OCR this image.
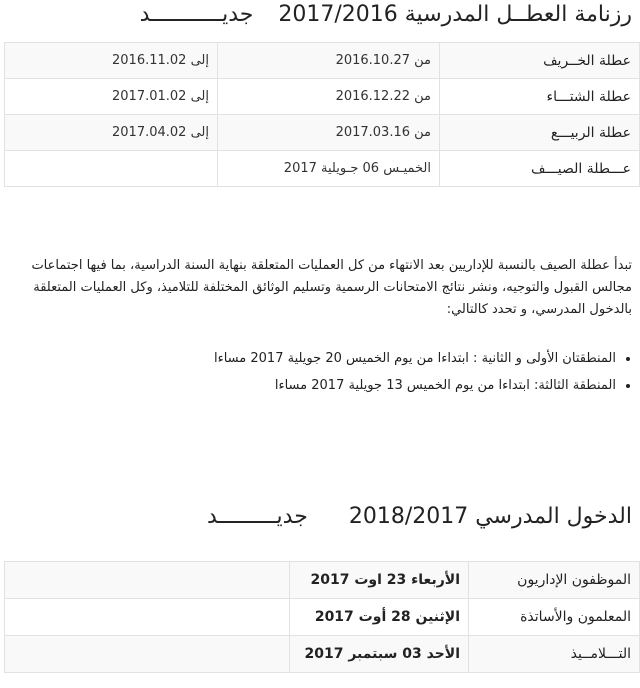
رزنامة العطــل المدرسية 2017/2016 جديـــــــــــد
عطلة الخــريف	من 2016.10.27	إلى 2016.11.02
عطلة الشتـــاء	من 2016.12.22	إلى 2017.01.02
عطلة الربيـــع	من 2017.03.16	إلى 2017.04.02
عـــطلة الصيـــف	الخميـس 06 جـويلية 2017	

تبدأ عطلة الصيف بالنسبة للإداريين بعد الانتهاء من كل العمليات المتعلقة بنهاية السنة الدراسية، بما فيها اجتماعات مجالس القبول والتوجيه، ونشر نتائج الامتحانات الرسمية وتسليم الوثائق المختلفة للتلاميذ، وكل العمليات المتعلقة بالدخول المدرسي، و تحدد كالتالي:

• المنطقتان الأولى و الثانية : ابتداءا من يوم الخميس 20 جويلية 2017 مساءا
• المنطقة الثالثة: ابتداءا من يوم الخميس 13 جويلية 2017 مساءا
الدخول المدرسي 2018/2017 جديـــــــــد
الموظفون الإداريون	الأربعاء 23 اوت 2017	
المعلمون والأساتذة	الإثنين 28 أوت 2017	
التـــلامــيذ	الأحد 03 سبتمبر 2017	
